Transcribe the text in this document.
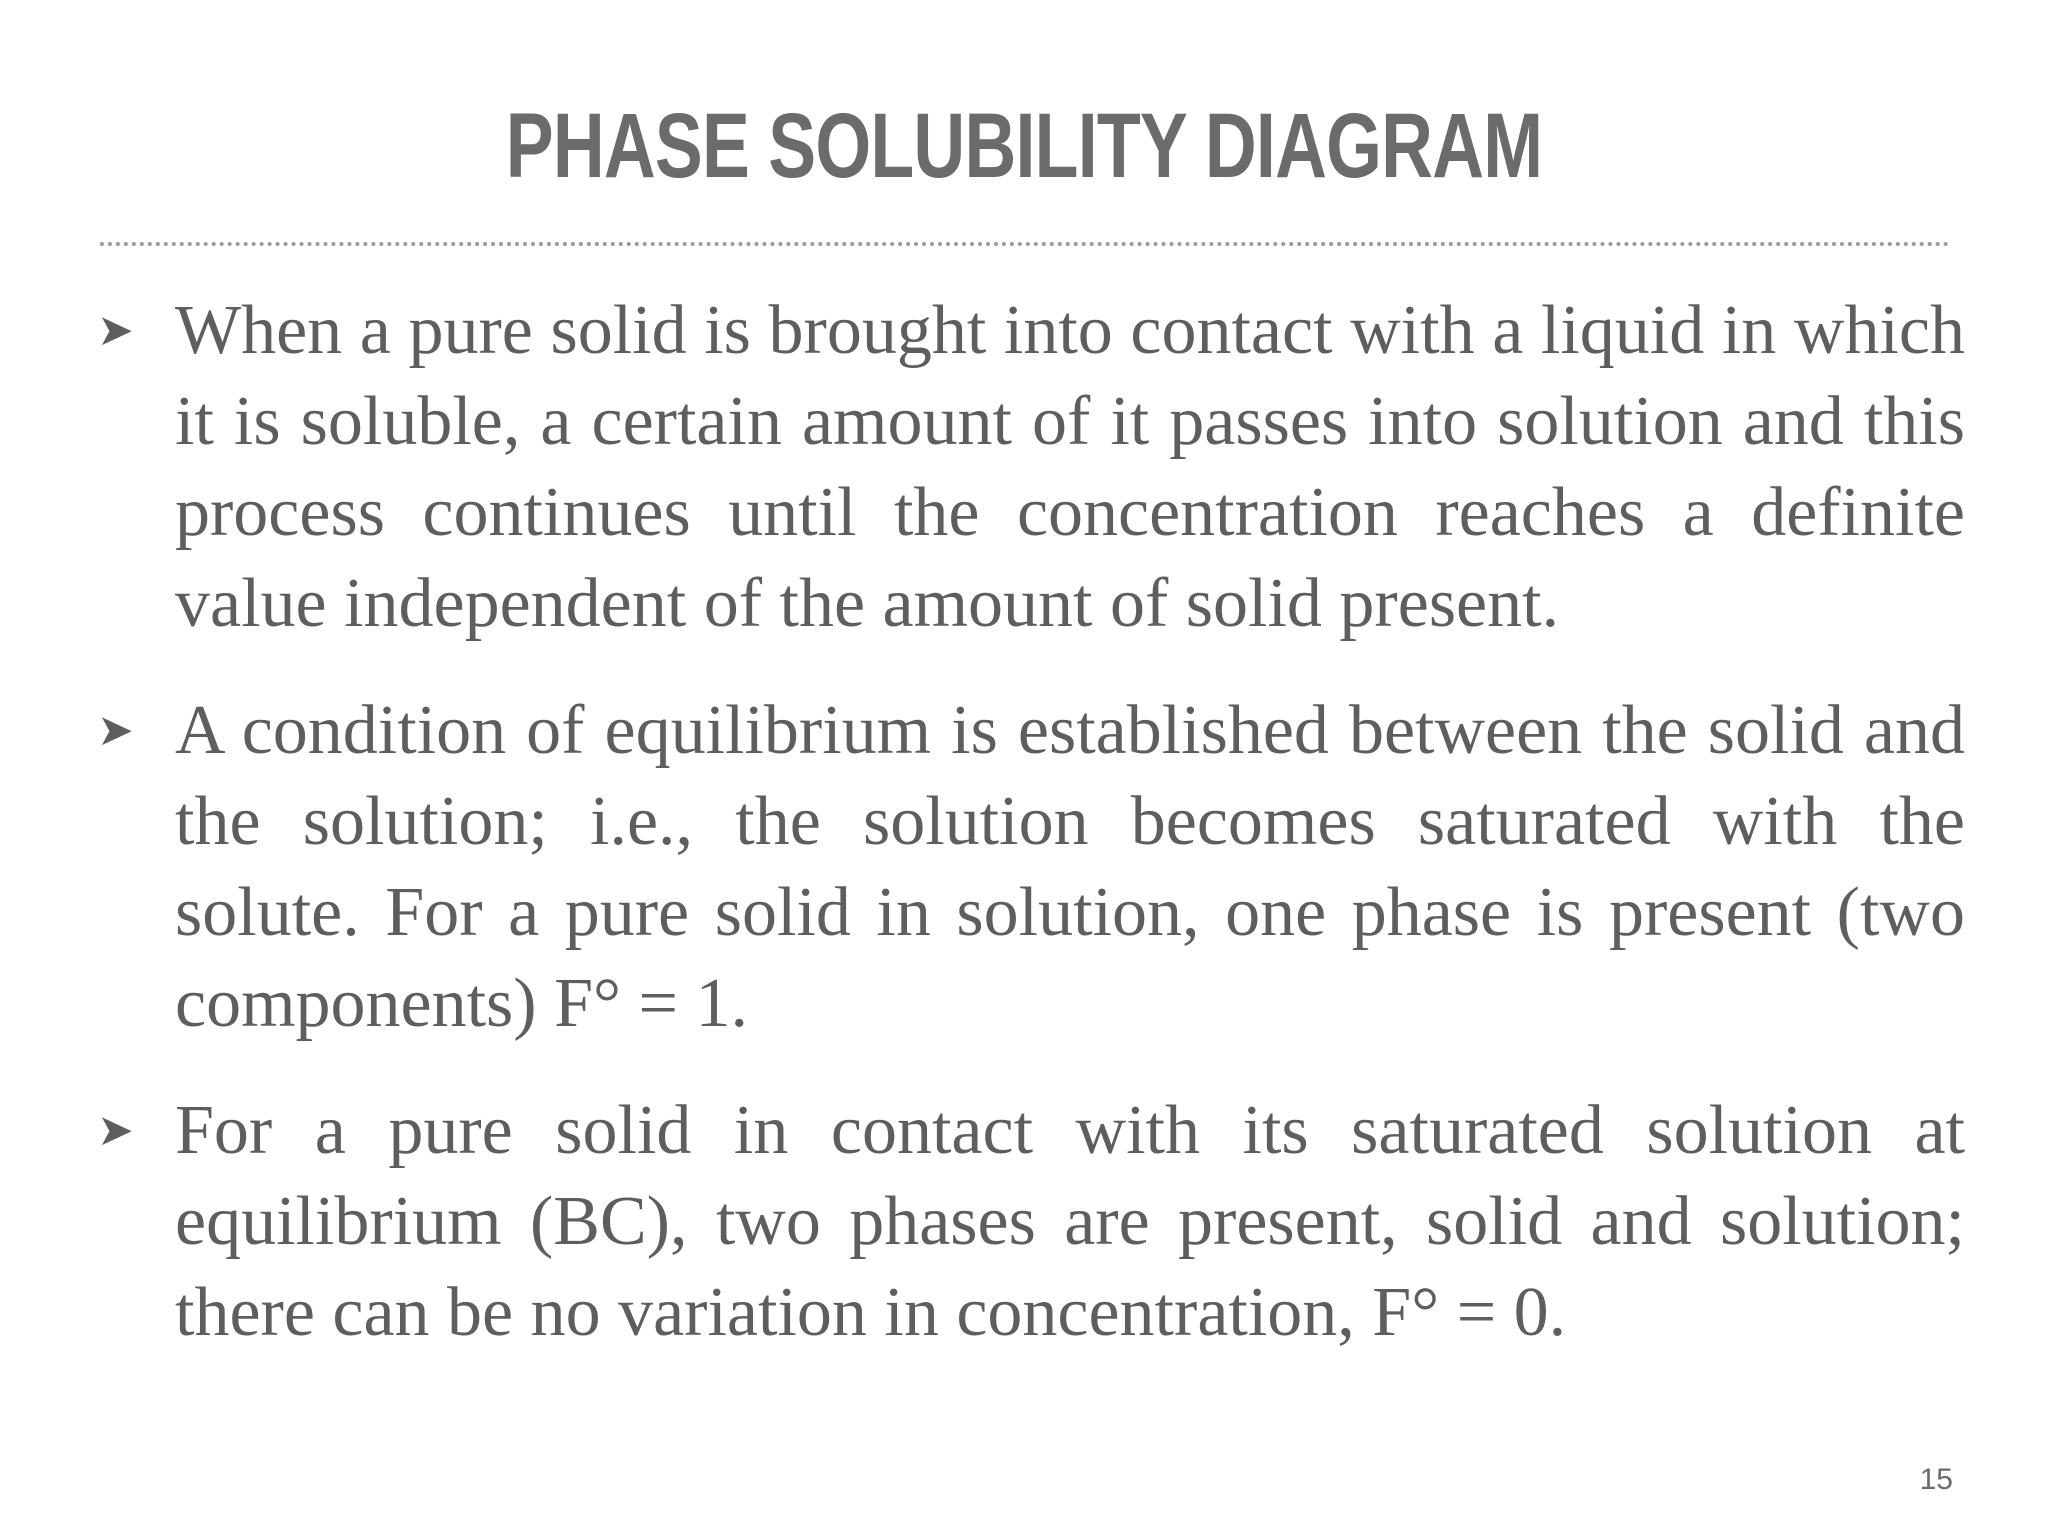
PHASE SOLUBILITY DIAGRAM
➤ When a pure solid is brought into contact with a liquid in which it is soluble, a certain amount of it passes into solution and this process continues until the concentration reaches a definite value independent of the amount of solid present.
➤ A condition of equilibrium is established between the solid and the solution; i.e., the solution becomes saturated with the solute. For a pure solid in solution, one phase is present (two components) F° = 1.
➤ For a pure solid in contact with its saturated solution at equilibrium (BC), two phases are present, solid and solution; there can be no variation in concentration, F° = 0.
15
